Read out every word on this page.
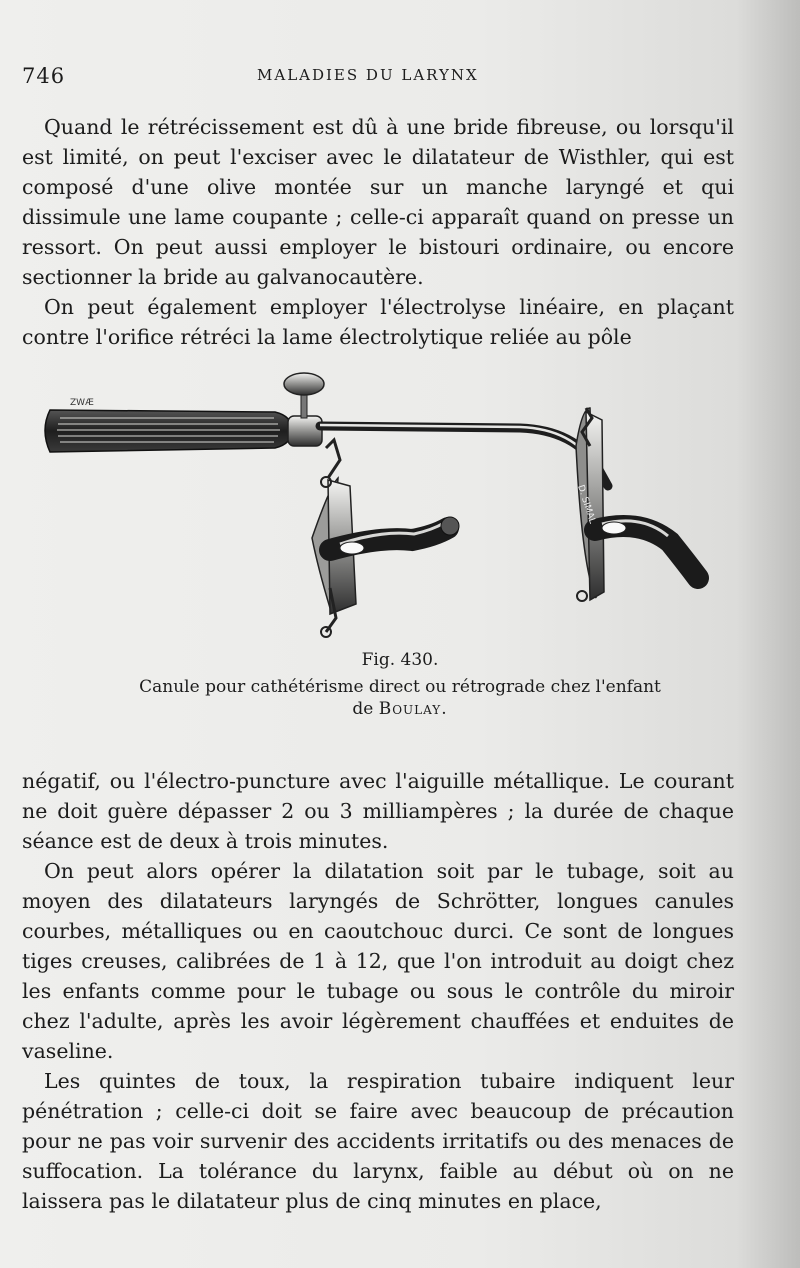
746	MALADIES DU LARYNX

Quand le rétrécissement est dû à une bride fibreuse, ou lorsqu'il est limité, on peut l'exciser avec le dilatateur de Wisthler, qui est composé d'une olive montée sur un manche laryngé et qui dissimule une lame coupante ; celle-ci apparaît quand on presse un ressort. On peut aussi employer le bistouri ordinaire, ou encore sectionner la bride au galvanocautère.

On peut également employer l'électrolyse linéaire, en plaçant contre l'orifice rétréci la lame électrolytique reliée au pôle

ZWÆ
D. SIMAL
Fig. 430.
Canule pour cathétérisme direct ou rétrograde chez l'enfant
de Boulay.

négatif, ou l'électro-puncture avec l'aiguille métallique. Le courant ne doit guère dépasser 2 ou 3 milliampères ; la durée de chaque séance est de deux à trois minutes.

On peut alors opérer la dilatation soit par le tubage, soit au moyen des dilatateurs laryngés de Schrötter, longues canules courbes, métalliques ou en caoutchouc durci. Ce sont de longues tiges creuses, calibrées de 1 à 12, que l'on introduit au doigt chez les enfants comme pour le tubage ou sous le contrôle du miroir chez l'adulte, après les avoir légèrement chauffées et enduites de vaseline.

Les quintes de toux, la respiration tubaire indiquent leur pénétration ; celle-ci doit se faire avec beaucoup de précaution pour ne pas voir survenir des accidents irritatifs ou des menaces de suffocation. La tolérance du larynx, faible au début où on ne laissera pas le dilatateur plus de cinq minutes en place,
